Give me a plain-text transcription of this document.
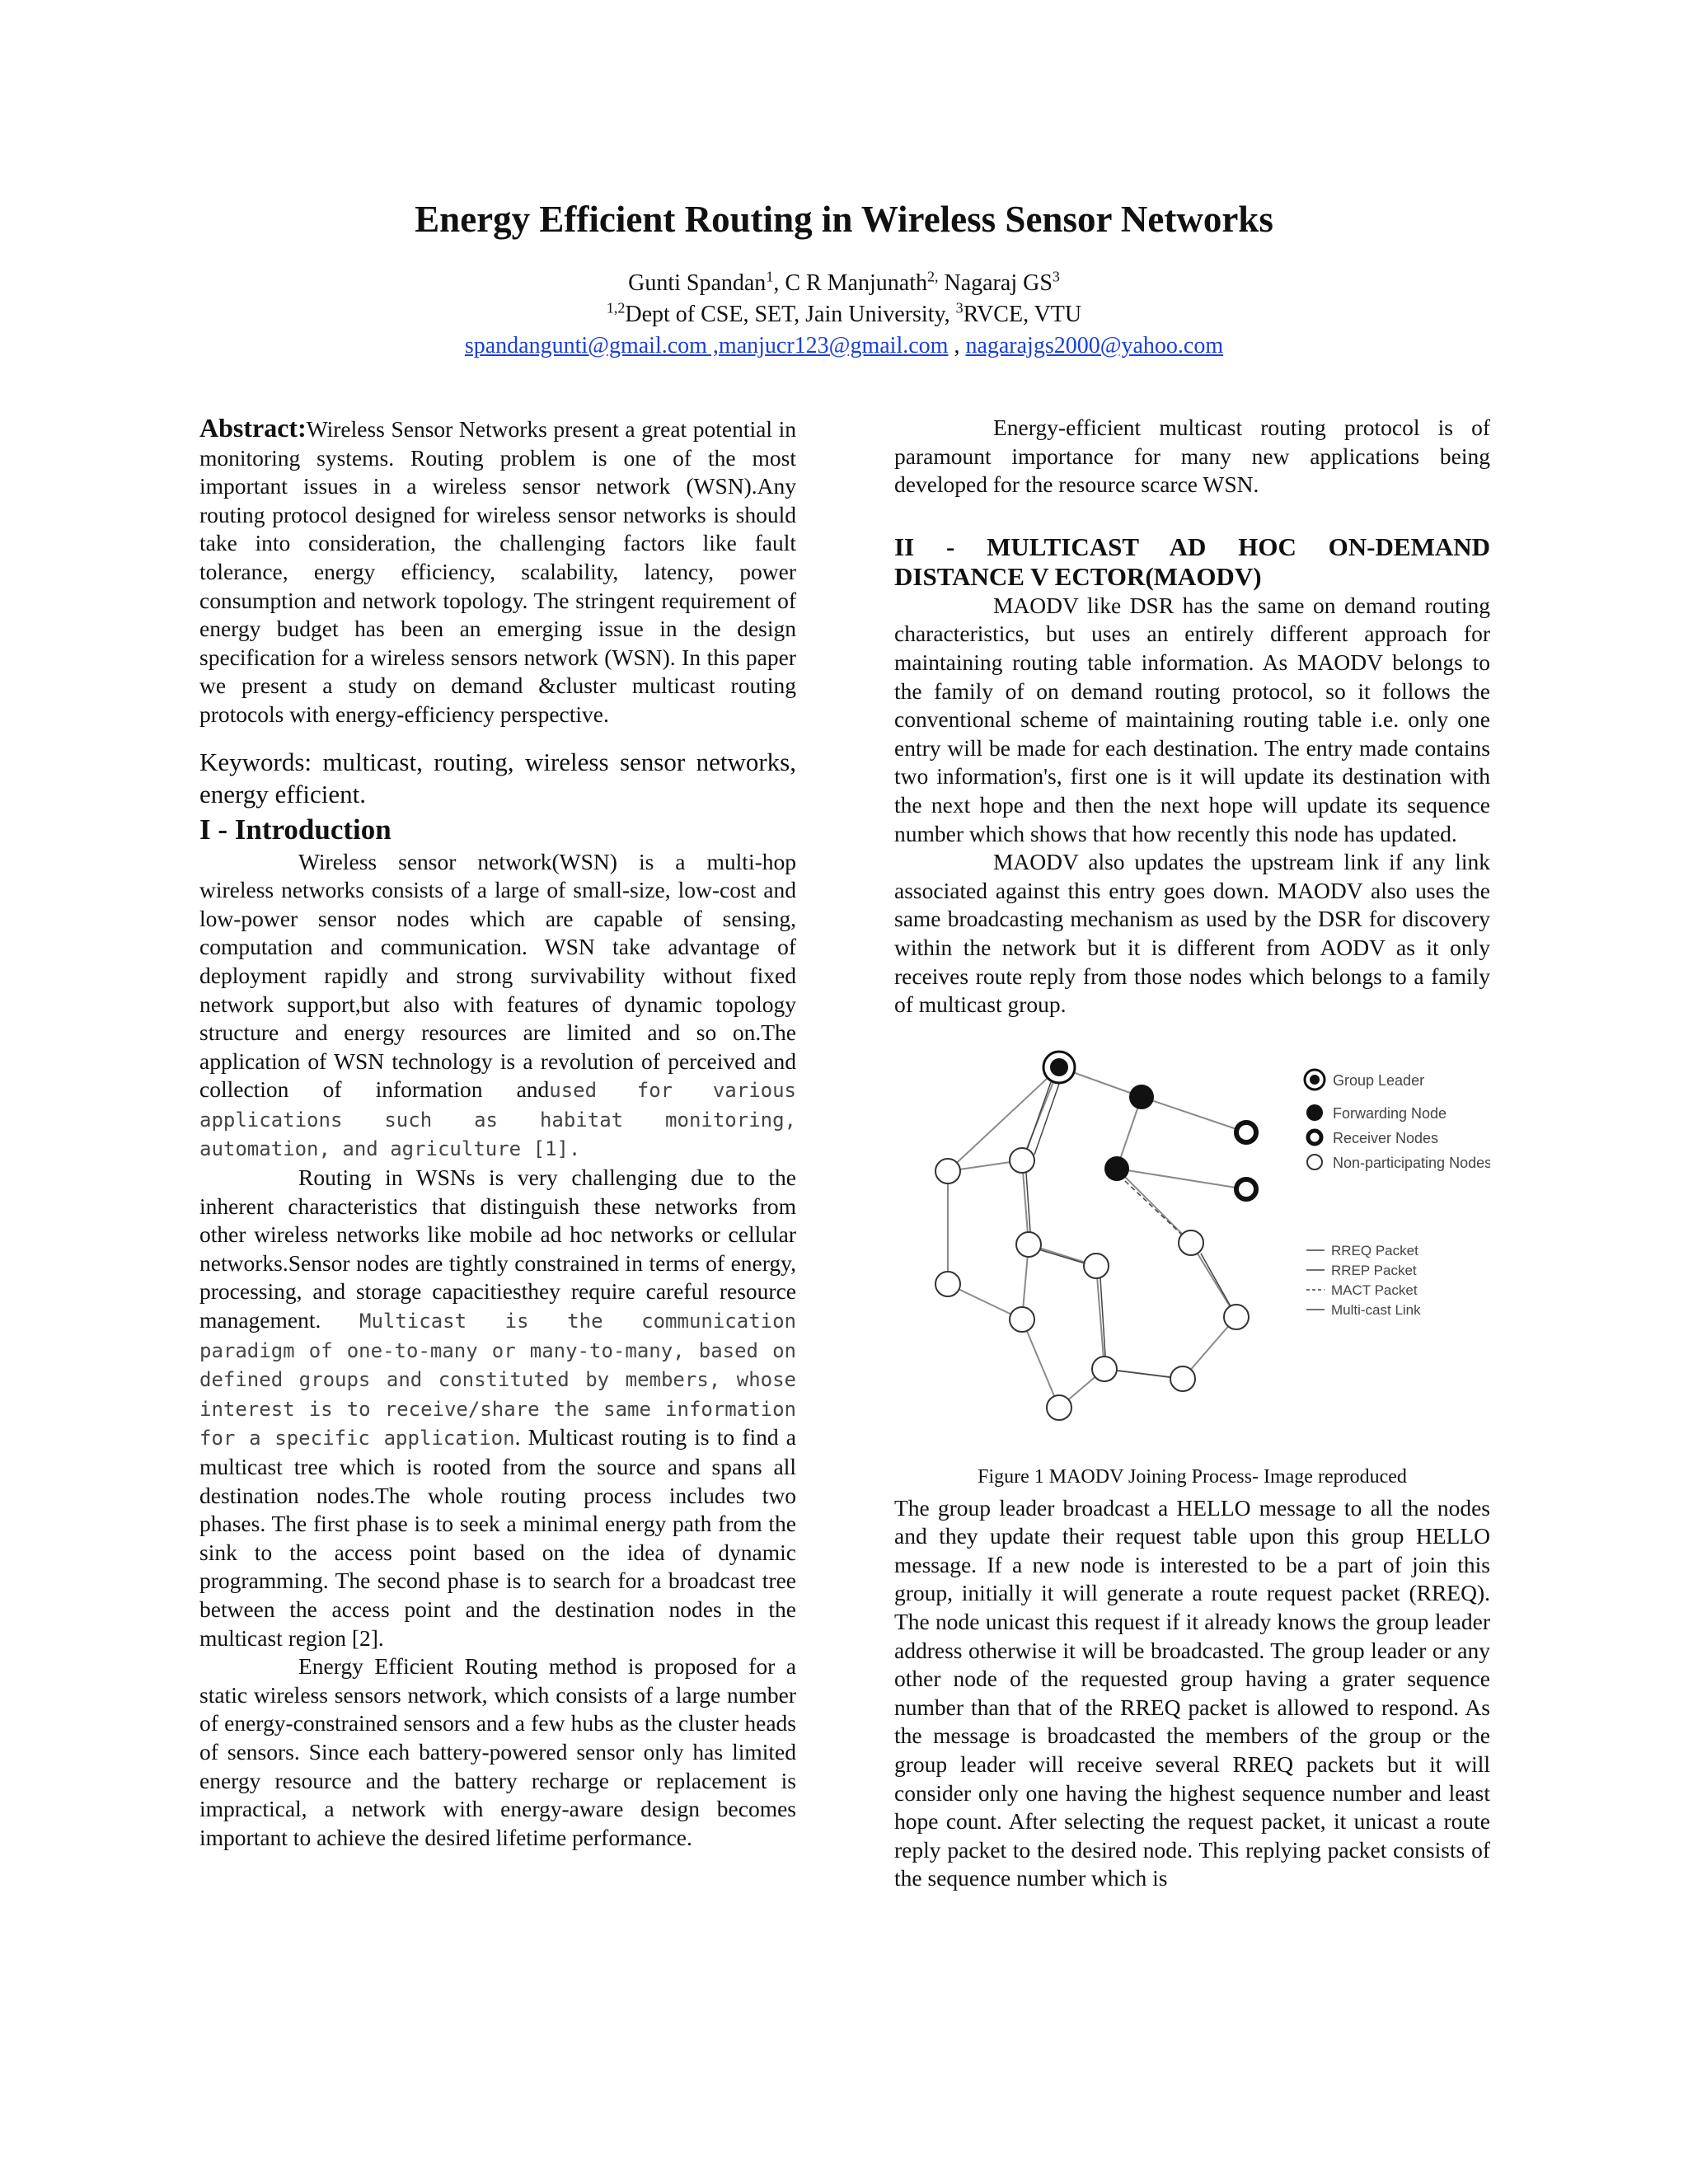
Energy Efficient Routing in Wireless Sensor Networks
Gunti Spandan$^1$, C R Manjunath$^{2,}$ Nagaraj $GS^3$
$^{1,2}$Dept of CSE, SET, Jain University, $^3$RVCE, VTU
spandangunti@gmail.com ,manjucr123@gmail.com , nagarajgs2000@yahoo.com

Abstract:Wireless Sensor Networks present a great potential in monitoring systems. Routing problem is one of the most important issues in a wireless sensor network (WSN).Any routing protocol designed for wireless sensor networks is should take into consideration, the challenging factors like fault tolerance, energy efficiency, scalability, latency, power consumption and network topology. The stringent requirement of energy budget has been an emerging issue in the design specification for a wireless sensors network (WSN). In this paper we present a study on demand &cluster multicast routing protocols with energy-efficiency perspective.

Keywords: multicast, routing, wireless sensor networks, energy efficient.

I - Introduction

Wireless sensor network(WSN) is a multi-hop wireless networks consists of a large of small-size, low-cost and low-power sensor nodes which are capable of sensing, computation and communication. WSN take advantage of deployment rapidly and strong survivability without fixed network support,but also with features of dynamic topology structure and energy resources are limited and so on.The application of WSN technology is a revolution of perceived and collection of information andused for various applications such as habitat monitoring, automation, and agriculture [1].

Routing in WSNs is very challenging due to the inherent characteristics that distinguish these networks from other wireless networks like mobile ad hoc networks or cellular networks.Sensor nodes are tightly constrained in terms of energy, processing, and storage capacitiesthey require careful resource management. Multicast is the communication paradigm of one-to-many or many-to-many, based on defined groups and constituted by members, whose interest is to receive/share the same information for a specific application. Multicast routing is to find a multicast tree which is rooted from the source and spans all destination nodes.The whole routing process includes two phases. The first phase is to seek a minimal energy path from the sink to the access point based on the idea of dynamic programming. The second phase is to search for a broadcast tree between the access point and the destination nodes in the multicast region [2].

Energy Efficient Routing method is proposed for a static wireless sensors network, which consists of a large number of energy-constrained sensors and a few hubs as the cluster heads of sensors. Since each battery-powered sensor only has limited energy resource and the battery recharge or replacement is impractical, a network with energy-aware design becomes important to achieve the desired lifetime performance.

Energy-efficient multicast routing protocol is of paramount importance for many new applications being developed for the resource scarce WSN.

II - MULTICAST AD HOC ON-DEMAND DISTANCE V ECTOR(MAODV)

MAODV like DSR has the same on demand routing characteristics, but uses an entirely different approach for maintaining routing table information. As MAODV belongs to the family of on demand routing protocol, so it follows the conventional scheme of maintaining routing table i.e. only one entry will be made for each destination. The entry made contains two information's, first one is it will update its destination with the next hope and then the next hope will update its sequence number which shows that how recently this node has updated.

MAODV also updates the upstream link if any link associated against this entry goes down. MAODV also uses the same broadcasting mechanism as used by the DSR for discovery within the network but it is different from AODV as it only receives route reply from those nodes which belongs to a family of multicast group.

Group Leader
Forwarding Node
Receiver Nodes
Non-participating Nodes
RREQ Packet
RREP Packet
MACT Packet
Multi-cast Link

Figure 1 MAODV Joining Process- Image reproduced

The group leader broadcast a HELLO message to all the nodes and they update their request table upon this group HELLO message. If a new node is interested to be a part of join this group, initially it will generate a route request packet (RREQ). The node unicast this request if it already knows the group leader address otherwise it will be broadcasted. The group leader or any other node of the requested group having a grater sequence number than that of the RREQ packet is allowed to respond. As the message is broadcasted the members of the group or the group leader will receive several RREQ packets but it will consider only one having the highest sequence number and least hope count. After selecting the request packet, it unicast a route reply packet to the desired node. This replying packet consists of the sequence number which is
